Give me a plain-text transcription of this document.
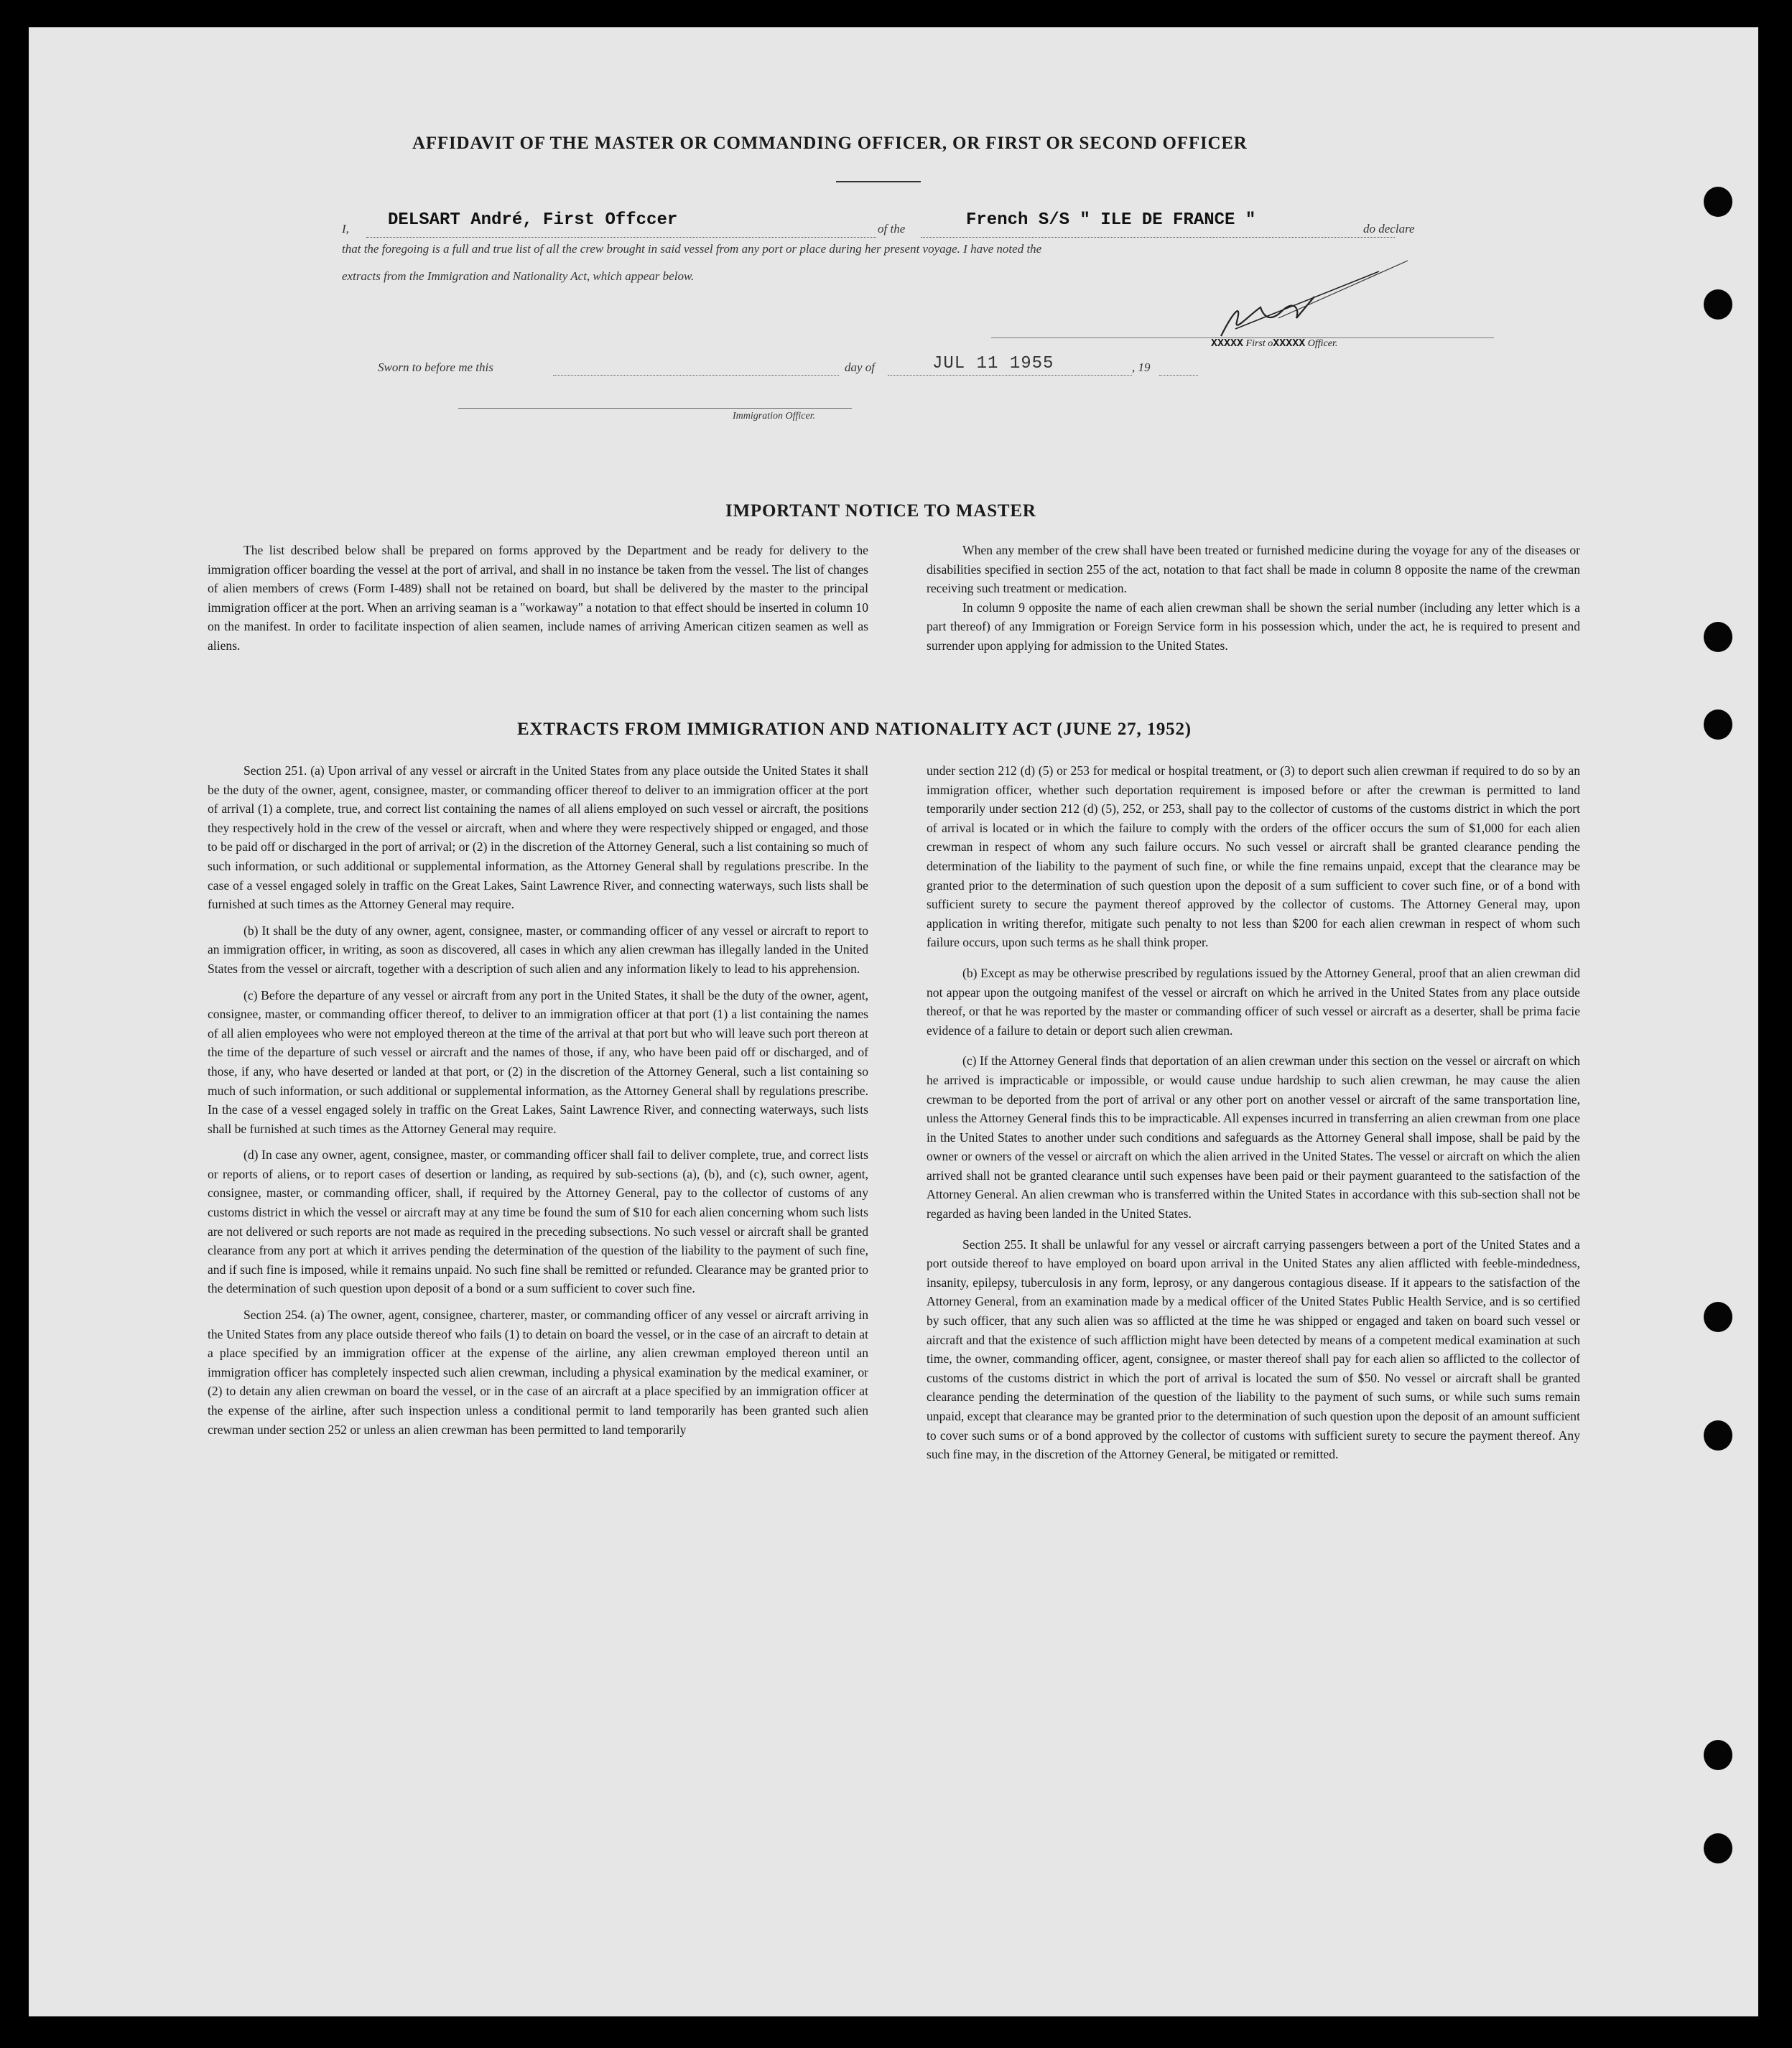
AFFIDAVIT OF THE MASTER OR COMMANDING OFFICER, OR FIRST OR SECOND OFFICER
I, DELSART André, First Offccer	of the	French S/S " ILE DE FRANCE "	do declare
that the foregoing is a full and true list of all the crew brought in said vessel from any port or place during her present voyage. I have noted the
extracts from the Immigration and Nationality Act, which appear below.
XXXXX First oXXXXX Officer.
Sworn to before me this	day of	JUL 11 1955	, 19
Immigration Officer.
IMPORTANT NOTICE TO MASTER

The list described below shall be prepared on forms approved by the Department and be ready for delivery to the immigration officer boarding the vessel at the port of arrival, and shall in no instance be taken from the vessel. The list of changes of alien members of crews (Form I-489) shall not be retained on board, but shall be delivered by the master to the principal immigration officer at the port. When an arriving seaman is a "workaway" a notation to that effect should be inserted in column 10 on the manifest. In order to facilitate inspection of alien seamen, include names of arriving American citizen seamen as well as aliens.

When any member of the crew shall have been treated or furnished medicine during the voyage for any of the diseases or disabilities specified in section 255 of the act, notation to that fact shall be made in column 8 opposite the name of the crewman receiving such treatment or medication.

In column 9 opposite the name of each alien crewman shall be shown the serial number (including any letter which is a part thereof) of any Immigration or Foreign Service form in his possession which, under the act, he is required to present and surrender upon applying for admission to the United States.

EXTRACTS FROM IMMIGRATION AND NATIONALITY ACT (JUNE 27, 1952)

Section 251. (a) Upon arrival of any vessel or aircraft in the United States from any place outside the United States it shall be the duty of the owner, agent, consignee, master, or commanding officer thereof to deliver to an immigration officer at the port of arrival (1) a complete, true, and correct list containing the names of all aliens employed on such vessel or aircraft, the positions they respectively hold in the crew of the vessel or aircraft, when and where they were respectively shipped or engaged, and those to be paid off or discharged in the port of arrival; or (2) in the discretion of the Attorney General, such a list containing so much of such information, or such additional or supplemental information, as the Attorney General shall by regulations prescribe. In the case of a vessel engaged solely in traffic on the Great Lakes, Saint Lawrence River, and connecting waterways, such lists shall be furnished at such times as the Attorney General may require.

(b) It shall be the duty of any owner, agent, consignee, master, or commanding officer of any vessel or aircraft to report to an immigration officer, in writing, as soon as discovered, all cases in which any alien crewman has illegally landed in the United States from the vessel or aircraft, together with a description of such alien and any information likely to lead to his apprehension.

(c) Before the departure of any vessel or aircraft from any port in the United States, it shall be the duty of the owner, agent, consignee, master, or commanding officer thereof, to deliver to an immigration officer at that port (1) a list containing the names of all alien employees who were not employed thereon at the time of the arrival at that port but who will leave such port thereon at the time of the departure of such vessel or aircraft and the names of those, if any, who have been paid off or discharged, and of those, if any, who have deserted or landed at that port, or (2) in the discretion of the Attorney General, such a list containing so much of such information, or such additional or supplemental information, as the Attorney General shall by regulations prescribe. In the case of a vessel engaged solely in traffic on the Great Lakes, Saint Lawrence River, and connecting waterways, such lists shall be furnished at such times as the Attorney General may require.

(d) In case any owner, agent, consignee, master, or commanding officer shall fail to deliver complete, true, and correct lists or reports of aliens, or to report cases of desertion or landing, as required by sub-sections (a), (b), and (c), such owner, agent, consignee, master, or commanding officer, shall, if required by the Attorney General, pay to the collector of customs of any customs district in which the vessel or aircraft may at any time be found the sum of $10 for each alien concerning whom such lists are not delivered or such reports are not made as required in the preceding subsections. No such vessel or aircraft shall be granted clearance from any port at which it arrives pending the determination of the question of the liability to the payment of such fine, and if such fine is imposed, while it remains unpaid. No such fine shall be remitted or refunded. Clearance may be granted prior to the determination of such question upon deposit of a bond or a sum sufficient to cover such fine.

Section 254. (a) The owner, agent, consignee, charterer, master, or commanding officer of any vessel or aircraft arriving in the United States from any place outside thereof who fails (1) to detain on board the vessel, or in the case of an aircraft to detain at a place specified by an immigration officer at the expense of the airline, any alien crewman employed thereon until an immigration officer has completely inspected such alien crewman, including a physical examination by the medical examiner, or (2) to detain any alien crewman on board the vessel, or in the case of an aircraft at a place specified by an immigration officer at the expense of the airline, after such inspection unless a conditional permit to land temporarily has been granted such alien crewman under section 252 or unless an alien crewman has been permitted to land temporarily

under section 212 (d) (5) or 253 for medical or hospital treatment, or (3) to deport such alien crewman if required to do so by an immigration officer, whether such deportation requirement is imposed before or after the crewman is permitted to land temporarily under section 212 (d) (5), 252, or 253, shall pay to the collector of customs of the customs district in which the port of arrival is located or in which the failure to comply with the orders of the officer occurs the sum of $1,000 for each alien crewman in respect of whom any such failure occurs. No such vessel or aircraft shall be granted clearance pending the determination of the liability to the payment of such fine, or while the fine remains unpaid, except that the clearance may be granted prior to the determination of such question upon the deposit of a sum sufficient to cover such fine, or of a bond with sufficient surety to secure the payment thereof approved by the collector of customs. The Attorney General may, upon application in writing therefor, mitigate such penalty to not less than $200 for each alien crewman in respect of whom such failure occurs, upon such terms as he shall think proper.

(b) Except as may be otherwise prescribed by regulations issued by the Attorney General, proof that an alien crewman did not appear upon the outgoing manifest of the vessel or aircraft on which he arrived in the United States from any place outside thereof, or that he was reported by the master or commanding officer of such vessel or aircraft as a deserter, shall be prima facie evidence of a failure to detain or deport such alien crewman.

(c) If the Attorney General finds that deportation of an alien crewman under this section on the vessel or aircraft on which he arrived is impracticable or impossible, or would cause undue hardship to such alien crewman, he may cause the alien crewman to be deported from the port of arrival or any other port on another vessel or aircraft of the same transportation line, unless the Attorney General finds this to be impracticable. All expenses incurred in transferring an alien crewman from one place in the United States to another under such conditions and safeguards as the Attorney General shall impose, shall be paid by the owner or owners of the vessel or aircraft on which the alien arrived in the United States. The vessel or aircraft on which the alien arrived shall not be granted clearance until such expenses have been paid or their payment guaranteed to the satisfaction of the Attorney General. An alien crewman who is transferred within the United States in accordance with this sub-section shall not be regarded as having been landed in the United States.

Section 255. It shall be unlawful for any vessel or aircraft carrying passengers between a port of the United States and a port outside thereof to have employed on board upon arrival in the United States any alien afflicted with feeble-mindedness, insanity, epilepsy, tuberculosis in any form, leprosy, or any dangerous contagious disease. If it appears to the satisfaction of the Attorney General, from an examination made by a medical officer of the United States Public Health Service, and is so certified by such officer, that any such alien was so afflicted at the time he was shipped or engaged and taken on board such vessel or aircraft and that the existence of such affliction might have been detected by means of a competent medical examination at such time, the owner, commanding officer, agent, consignee, or master thereof shall pay for each alien so afflicted to the collector of customs of the customs district in which the port of arrival is located the sum of $50. No vessel or aircraft shall be granted clearance pending the determination of the question of the liability to the payment of such sums, or while such sums remain unpaid, except that clearance may be granted prior to the determination of such question upon the deposit of an amount sufficient to cover such sums or of a bond approved by the collector of customs with sufficient surety to secure the payment thereof. Any such fine may, in the discretion of the Attorney General, be mitigated or remitted.
